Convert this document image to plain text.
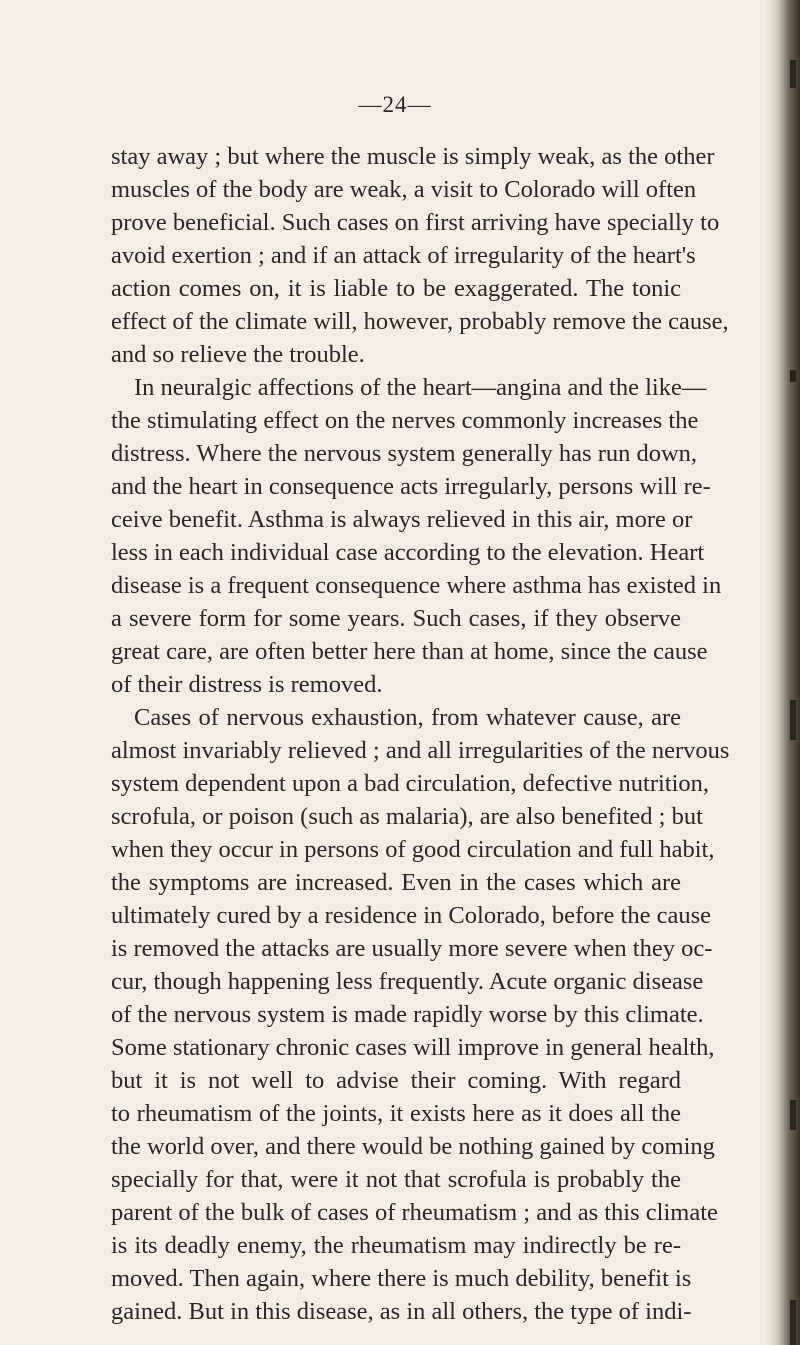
—24—
stay away ; but where the muscle is simply weak, as the other
muscles of the body are weak, a visit to Colorado will often
prove beneficial. Such cases on first arriving have specially to
avoid exertion ; and if an attack of irregularity of the heart's
action comes on, it is liable to be exaggerated. The tonic
effect of the climate will, however, probably remove the cause,
and so relieve the trouble.
In neuralgic affections of the heart—angina and the like—
the stimulating effect on the nerves commonly increases the
distress. Where the nervous system generally has run down,
and the heart in consequence acts irregularly, persons will re-
ceive benefit. Asthma is always relieved in this air, more or
less in each individual case according to the elevation. Heart
disease is a frequent consequence where asthma has existed in
a severe form for some years. Such cases, if they observe
great care, are often better here than at home, since the cause
of their distress is removed.
Cases of nervous exhaustion, from whatever cause, are
almost invariably relieved ; and all irregularities of the nervous
system dependent upon a bad circulation, defective nutrition,
scrofula, or poison (such as malaria), are also benefited ; but
when they occur in persons of good circulation and full habit,
the symptoms are increased. Even in the cases which are
ultimately cured by a residence in Colorado, before the cause
is removed the attacks are usually more severe when they oc-
cur, though happening less frequently. Acute organic disease
of the nervous system is made rapidly worse by this climate.
Some stationary chronic cases will improve in general health,
but it is not well to advise their coming. With regard
to rheumatism of the joints, it exists here as it does all the
the world over, and there would be nothing gained by coming
specially for that, were it not that scrofula is probably the
parent of the bulk of cases of rheumatism ; and as this climate
is its deadly enemy, the rheumatism may indirectly be re-
moved. Then again, where there is much debility, benefit is
gained. But in this disease, as in all others, the type of indi-
